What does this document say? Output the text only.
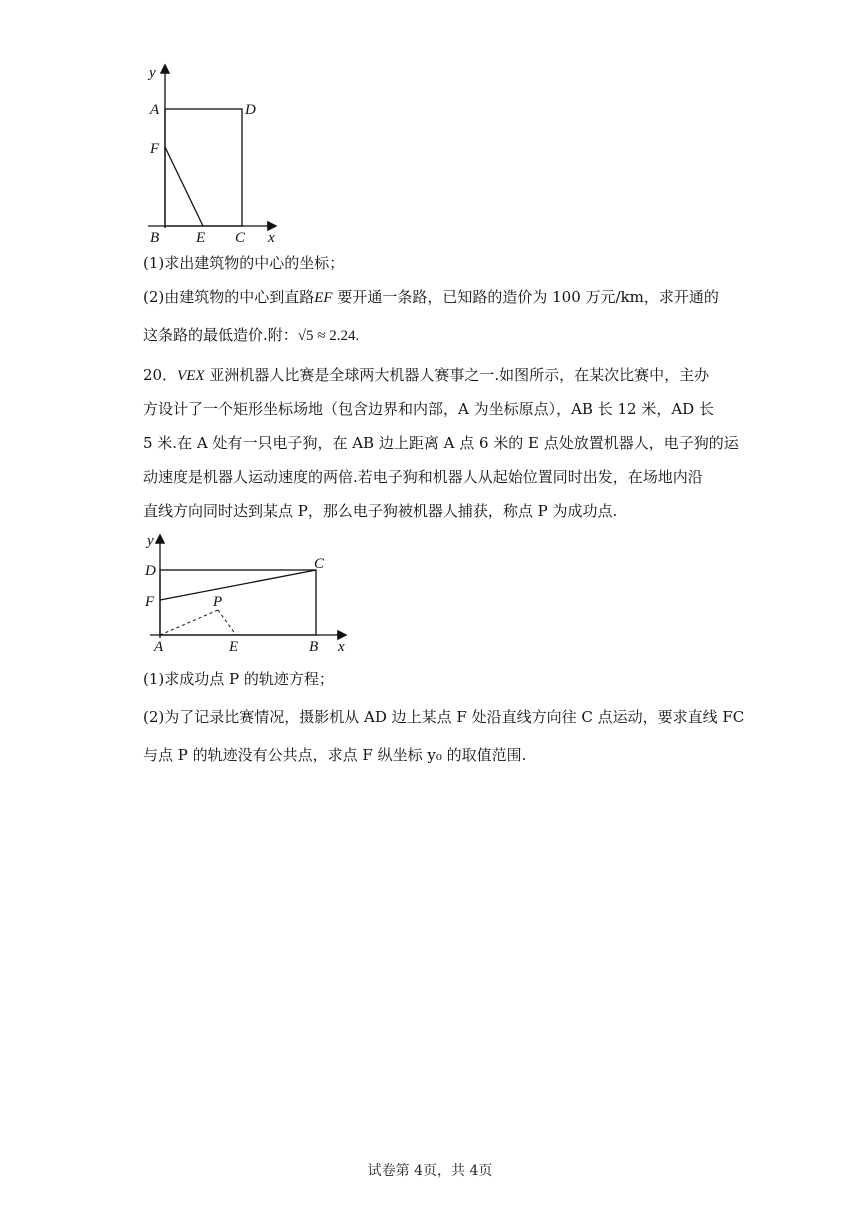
y
x
A	D
F
B E C
(1)求出建筑物的中心的坐标；
(2)由建筑物的中心到直路EF 要开通一条路，已知路的造价为 100 万元/km，求开通的
这条路的最低造价.附：√5 ≈ 2.24.
20．VEX 亚洲机器人比赛是全球两大机器人赛事之一.如图所示，在某次比赛中，主办
方设计了一个矩形坐标场地（包含边界和内部，A 为坐标原点），AB 长 12 米，AD 长
5 米.在 A 处有一只电子狗，在 AB 边上距离 A 点 6 米的 E 点处放置机器人，电子狗的运
动速度是机器人运动速度的两倍.若电子狗和机器人从起始位置同时出发，在场地内沿
直线方向同时达到某点 P，那么电子狗被机器人捕获，称点 P 为成功点.
y
x
D	C
F	P
A	E	B
(1)求成功点 P 的轨迹方程；
(2)为了记录比赛情况，摄影机从 AD 边上某点 F 处沿直线方向往 C 点运动，要求直线 FC
与点 P 的轨迹没有公共点，求点 F 纵坐标 y₀ 的取值范围.
试卷第 4页，共 4页
